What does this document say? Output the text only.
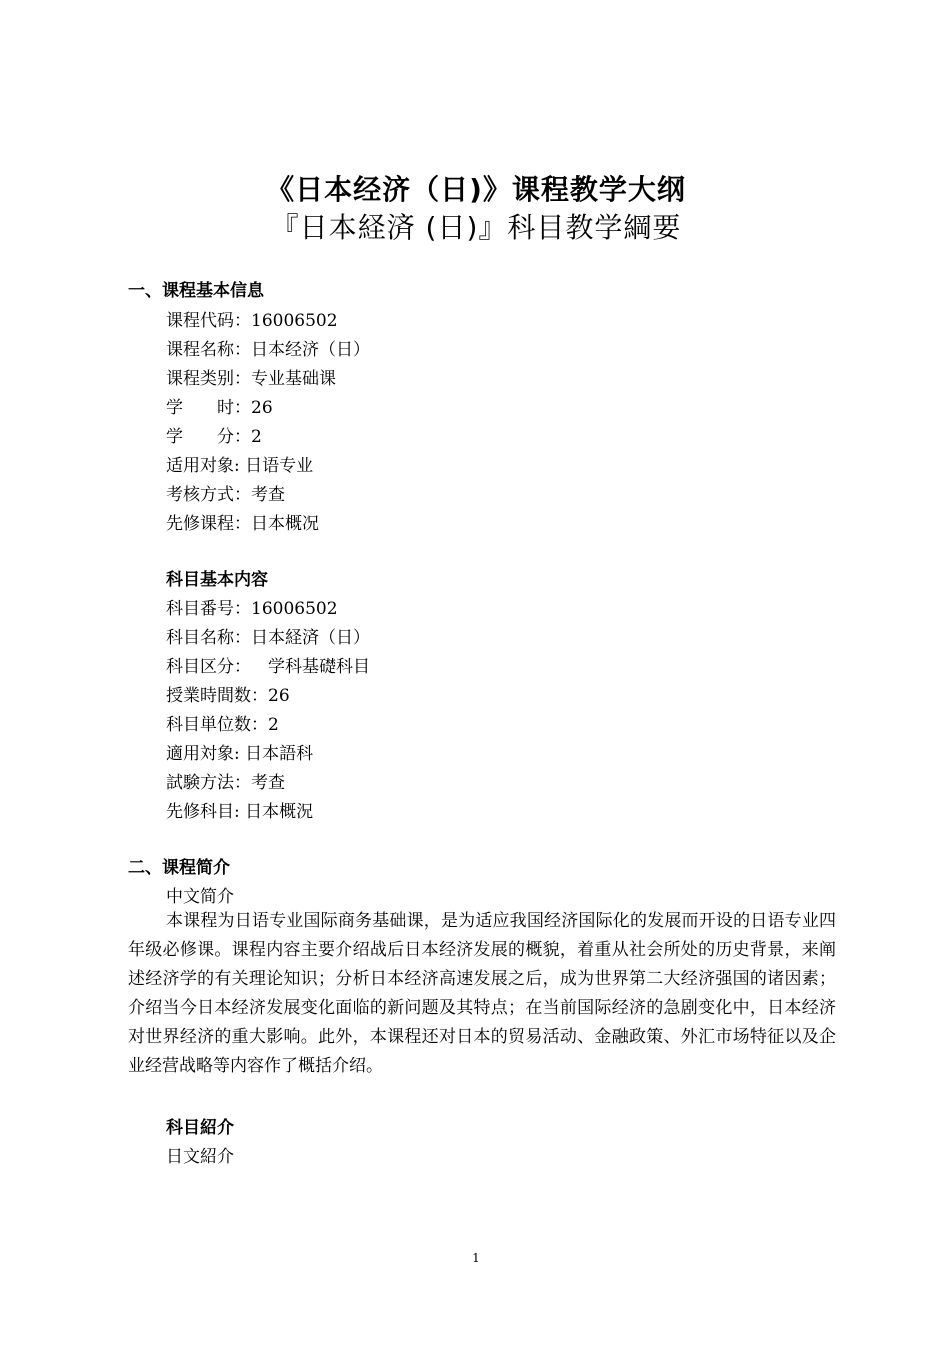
《日本经济（日)》课程教学大纲
『日本経済 (日)』科目教学綱要
一、课程基本信息
课程代码：16006502
课程名称：日本经济（日）
课程类别：专业基础课
学　　时：26
学　　分：2
适用对象: 日语专业
考核方式：考查
先修课程：日本概况
科目基本内容
科目番号：16006502
科目名称：日本経済（日）
科目区分：　学科基礎科目
授業時間数：26
科目単位数：2
適用対象: 日本語科
試験方法：考查
先修科目: 日本概況
二、课程简介
中文简介
本课程为日语专业国际商务基础课，是为适应我国经济国际化的发展而开设的日语专业四年级必修课。课程内容主要介绍战后日本经济发展的概貌，着重从社会所处的历史背景，来阐述经济学的有关理论知识；分析日本经济高速发展之后，成为世界第二大经济强国的诸因素；介绍当今日本经济发展变化面临的新问题及其特点；在当前国际经济的急剧变化中，日本经济对世界经济的重大影响。此外，本课程还对日本的贸易活动、金融政策、外汇市场特征以及企业经营战略等内容作了概括介绍。
科目紹介
日文紹介
1
